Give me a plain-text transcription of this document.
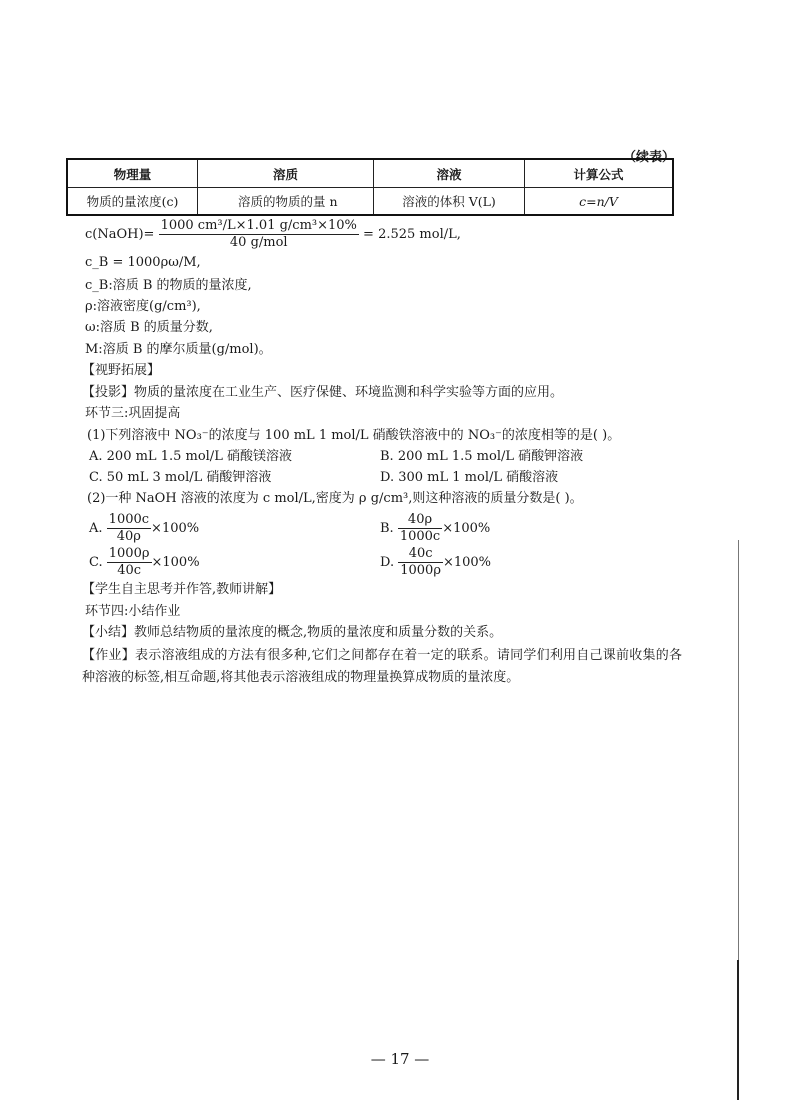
（续表）
物理量	溶质	溶液	计算公式
物质的量浓度(c)	溶质的物质的量 n	溶液的体积 V(L)	c=n/V
c(NaOH)= $\frac{\text{1000 cm³/L×1.01 g/cm³×10\%}}{\text{40 g/mol}} = 2.525$ mol/L,
c_B = 1000ρω/M,
c_B:溶质 B 的物质的量浓度,
ρ:溶液密度(g/cm³),
ω:溶质 B 的质量分数,
M:溶质 B 的摩尔质量(g/mol)。
【视野拓展】
【投影】物质的量浓度在工业生产、医疗保健、环境监测和科学实验等方面的应用。
环节三:巩固提高
(1)下列溶液中 NO₃⁻的浓度与 100 mL 1 mol/L 硝酸铁溶液中的 NO₃⁻的浓度相等的是( )。
A. 200 mL 1.5 mol/L 硝酸镁溶液	B. 200 mL 1.5 mol/L 硝酸钾溶液
C. 50 mL 3 mol/L 硝酸钾溶液	D. 300 mL 1 mol/L 硝酸溶液
(2)一种 NaOH 溶液的浓度为 c mol/L,密度为 ρ g/cm³,则这种溶液的质量分数是( )。
A. $\frac{1000c}{40\rho} \times 100\%$	B. $\frac{40\rho}{1000c} \times 100\%$
C. $\frac{1000\rho}{40c} \times 100\%$	D. $\frac{40c}{1000\rho} \times 100\%$
【学生自主思考并作答,教师讲解】
环节四:小结作业
【小结】教师总结物质的量浓度的概念,物质的量浓度和质量分数的关系。
【作业】表示溶液组成的方法有很多种,它们之间都存在着一定的联系。请同学们利用自己课前收集的各种溶液的标签,相互命题,将其他表示溶液组成的物理量换算成物质的量浓度。
— 17 —
